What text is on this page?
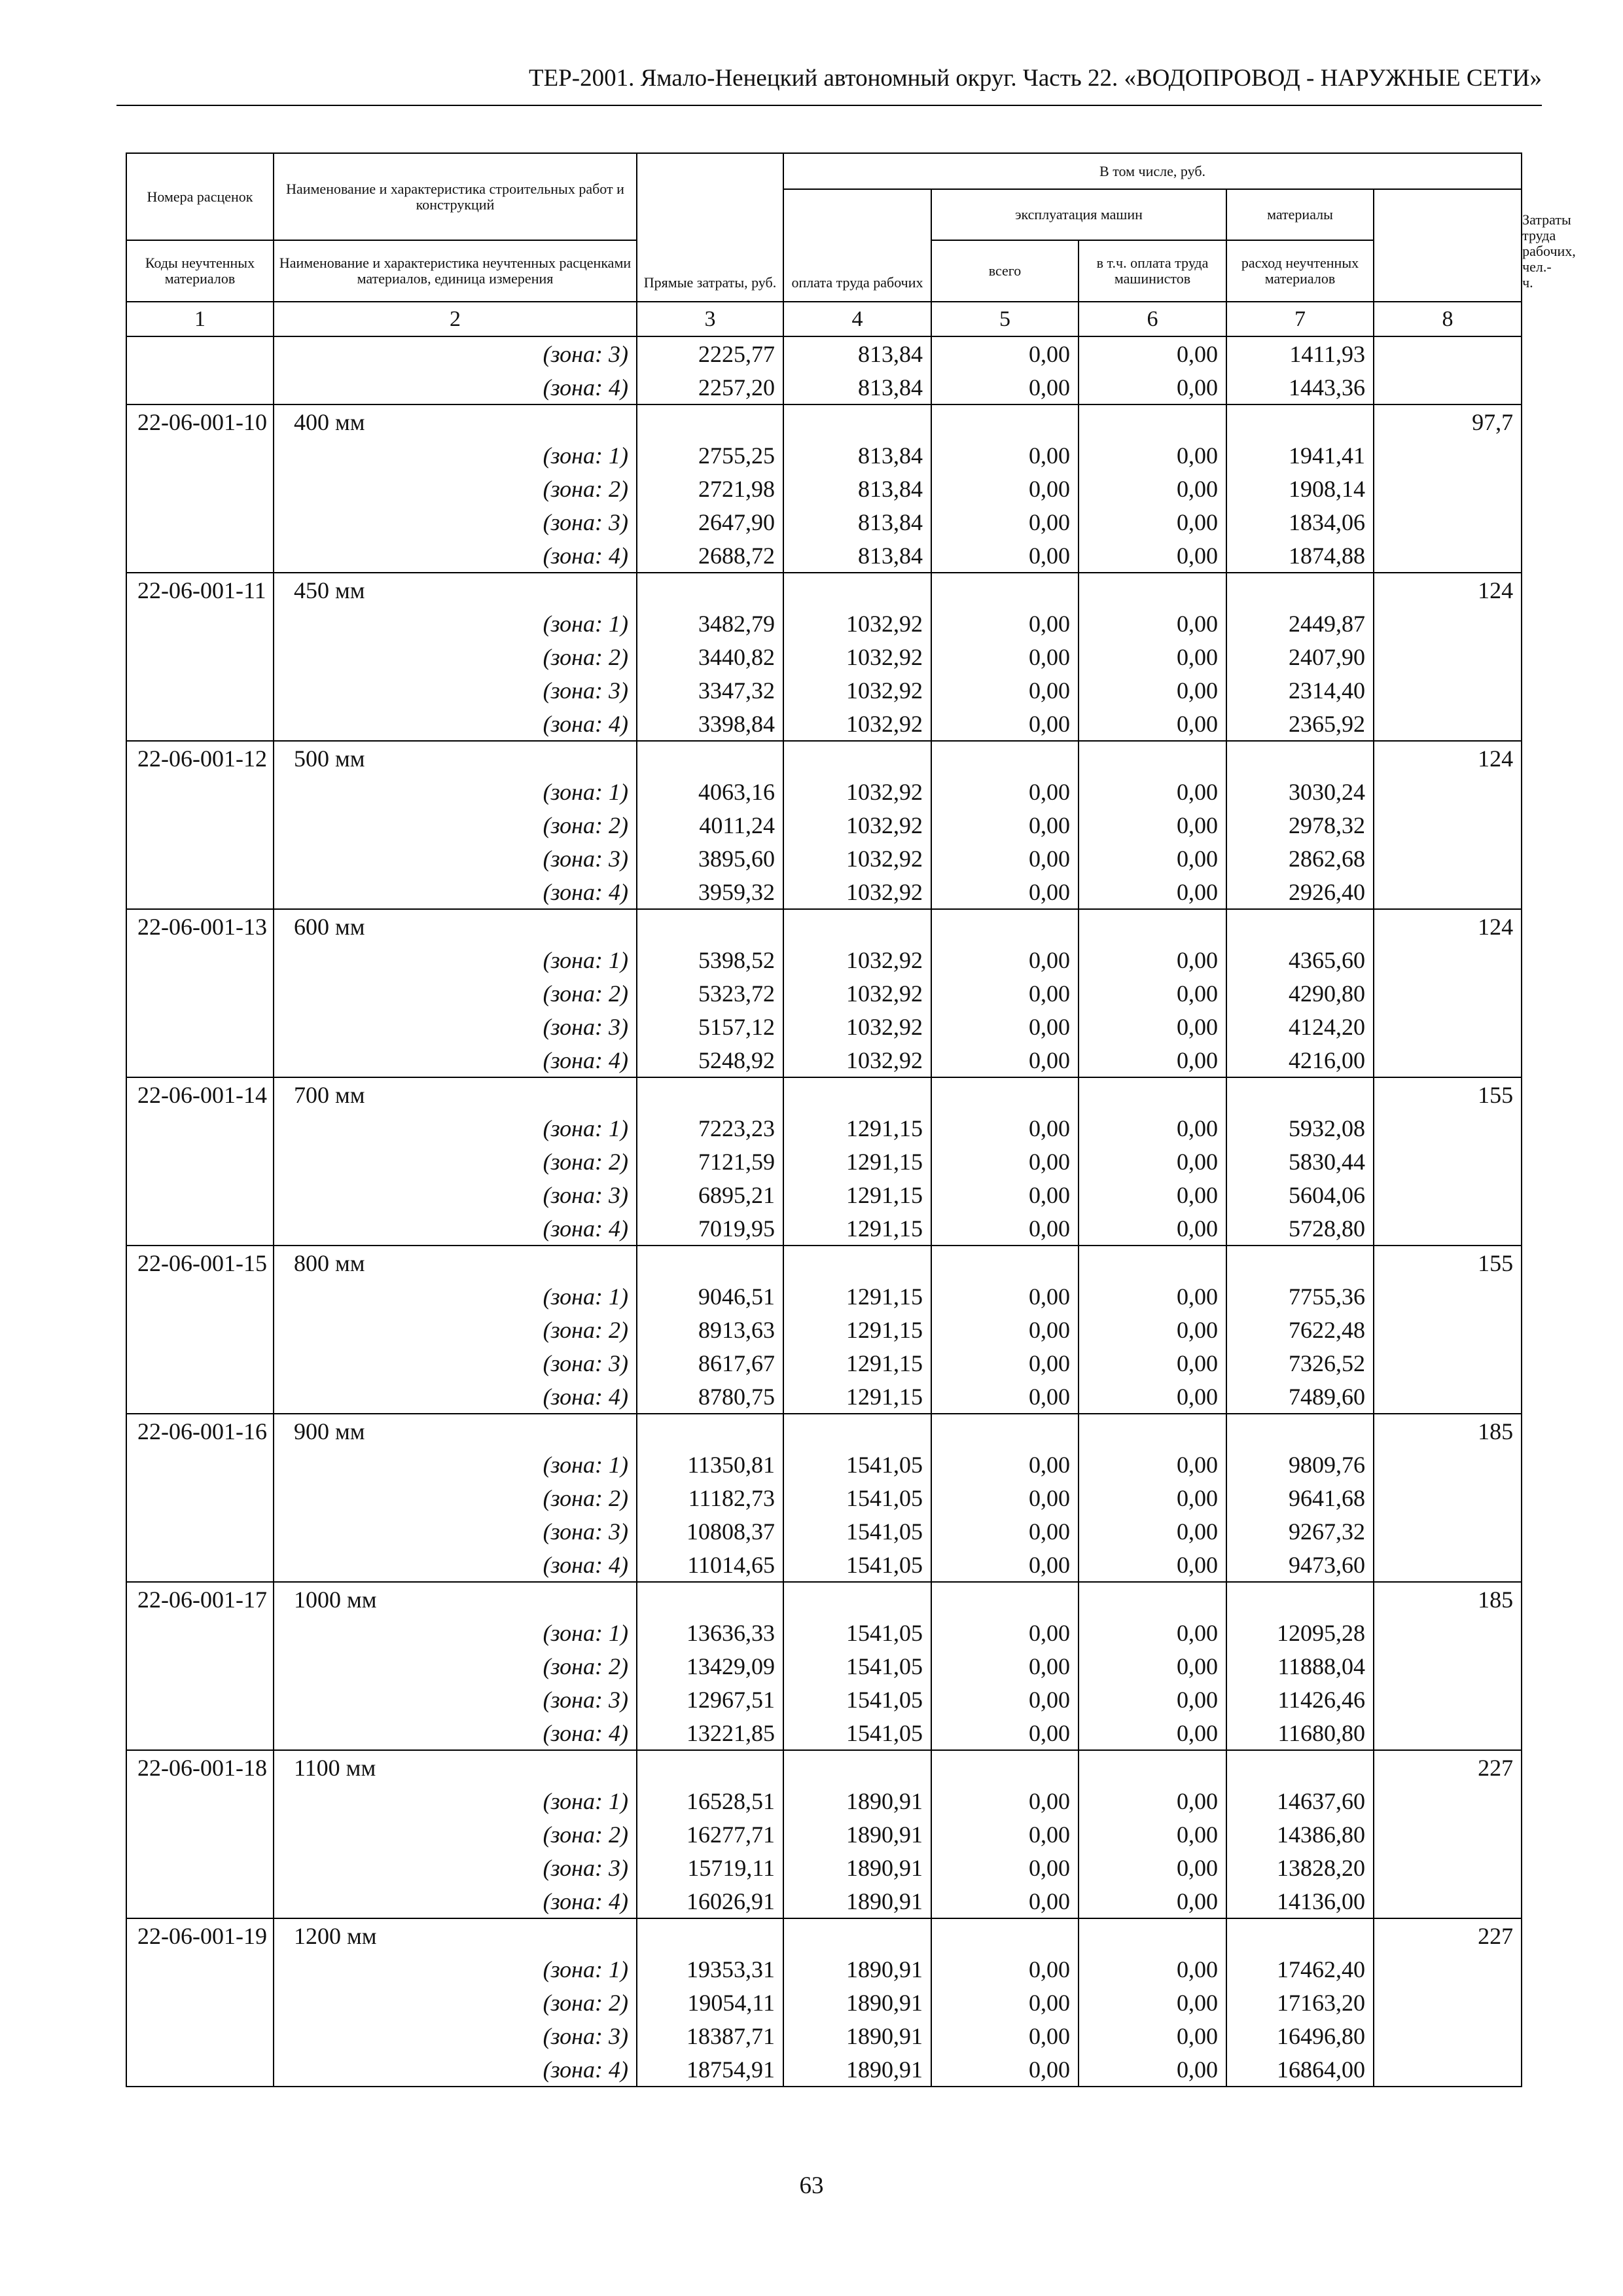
ТЕР-2001. Ямало-Ненецкий автономный округ. Часть 22. «ВОДОПРОВОД - НАРУЖНЫЕ СЕТИ»
Номера расценок	Наименование и характеристика строительных работ и конструкций	Прямые затраты, руб.	В том числе, руб.					Затраты труда рабочих, чел.-ч.
			оплата труда рабочих	эксплуатация машин		материалы		
Коды неучтенных материалов	Наименование и характеристика неучтенных расценками материалов, единица измерения			всего	в т.ч. оплата труда машинистов	расход неучтенных материалов		

1	2	3	4	5	6	7	8	
	(зона: 3)	2225,77	813,84	0,00	0,00	1411,93		
	(зона: 4)	2257,20	813,84	0,00	0,00	1443,36		
22-06-001-10	400 мм						97,7	
	(зона: 1)	2755,25	813,84	0,00	0,00	1941,41		
	(зона: 2)	2721,98	813,84	0,00	0,00	1908,14		
	(зона: 3)	2647,90	813,84	0,00	0,00	1834,06		
	(зона: 4)	2688,72	813,84	0,00	0,00	1874,88		
22-06-001-11	450 мм						124	
	(зона: 1)	3482,79	1032,92	0,00	0,00	2449,87		
	(зона: 2)	3440,82	1032,92	0,00	0,00	2407,90		
	(зона: 3)	3347,32	1032,92	0,00	0,00	2314,40		
	(зона: 4)	3398,84	1032,92	0,00	0,00	2365,92		
22-06-001-12	500 мм						124	
	(зона: 1)	4063,16	1032,92	0,00	0,00	3030,24		
	(зона: 2)	4011,24	1032,92	0,00	0,00	2978,32		
	(зона: 3)	3895,60	1032,92	0,00	0,00	2862,68		
	(зона: 4)	3959,32	1032,92	0,00	0,00	2926,40		
22-06-001-13	600 мм						124	
	(зона: 1)	5398,52	1032,92	0,00	0,00	4365,60		
	(зона: 2)	5323,72	1032,92	0,00	0,00	4290,80		
	(зона: 3)	5157,12	1032,92	0,00	0,00	4124,20		
	(зона: 4)	5248,92	1032,92	0,00	0,00	4216,00		
22-06-001-14	700 мм						155	
	(зона: 1)	7223,23	1291,15	0,00	0,00	5932,08		
	(зона: 2)	7121,59	1291,15	0,00	0,00	5830,44		
	(зона: 3)	6895,21	1291,15	0,00	0,00	5604,06		
	(зона: 4)	7019,95	1291,15	0,00	0,00	5728,80		
22-06-001-15	800 мм						155	
	(зона: 1)	9046,51	1291,15	0,00	0,00	7755,36		
	(зона: 2)	8913,63	1291,15	0,00	0,00	7622,48		
	(зона: 3)	8617,67	1291,15	0,00	0,00	7326,52		
	(зона: 4)	8780,75	1291,15	0,00	0,00	7489,60		
22-06-001-16	900 мм						185	
	(зона: 1)	11350,81	1541,05	0,00	0,00	9809,76		
	(зона: 2)	11182,73	1541,05	0,00	0,00	9641,68		
	(зона: 3)	10808,37	1541,05	0,00	0,00	9267,32		
	(зона: 4)	11014,65	1541,05	0,00	0,00	9473,60		
22-06-001-17	1000 мм						185	
	(зона: 1)	13636,33	1541,05	0,00	0,00	12095,28		
	(зона: 2)	13429,09	1541,05	0,00	0,00	11888,04		
	(зона: 3)	12967,51	1541,05	0,00	0,00	11426,46		
	(зона: 4)	13221,85	1541,05	0,00	0,00	11680,80		
22-06-001-18	1100 мм						227	
	(зона: 1)	16528,51	1890,91	0,00	0,00	14637,60		
	(зона: 2)	16277,71	1890,91	0,00	0,00	14386,80		
	(зона: 3)	15719,11	1890,91	0,00	0,00	13828,20		
	(зона: 4)	16026,91	1890,91	0,00	0,00	14136,00		
22-06-001-19	1200 мм						227	
	(зона: 1)	19353,31	1890,91	0,00	0,00	17462,40		
	(зона: 2)	19054,11	1890,91	0,00	0,00	17163,20		
	(зона: 3)	18387,71	1890,91	0,00	0,00	16496,80		
	(зона: 4)	18754,91	1890,91	0,00	0,00	16864,00		
63
